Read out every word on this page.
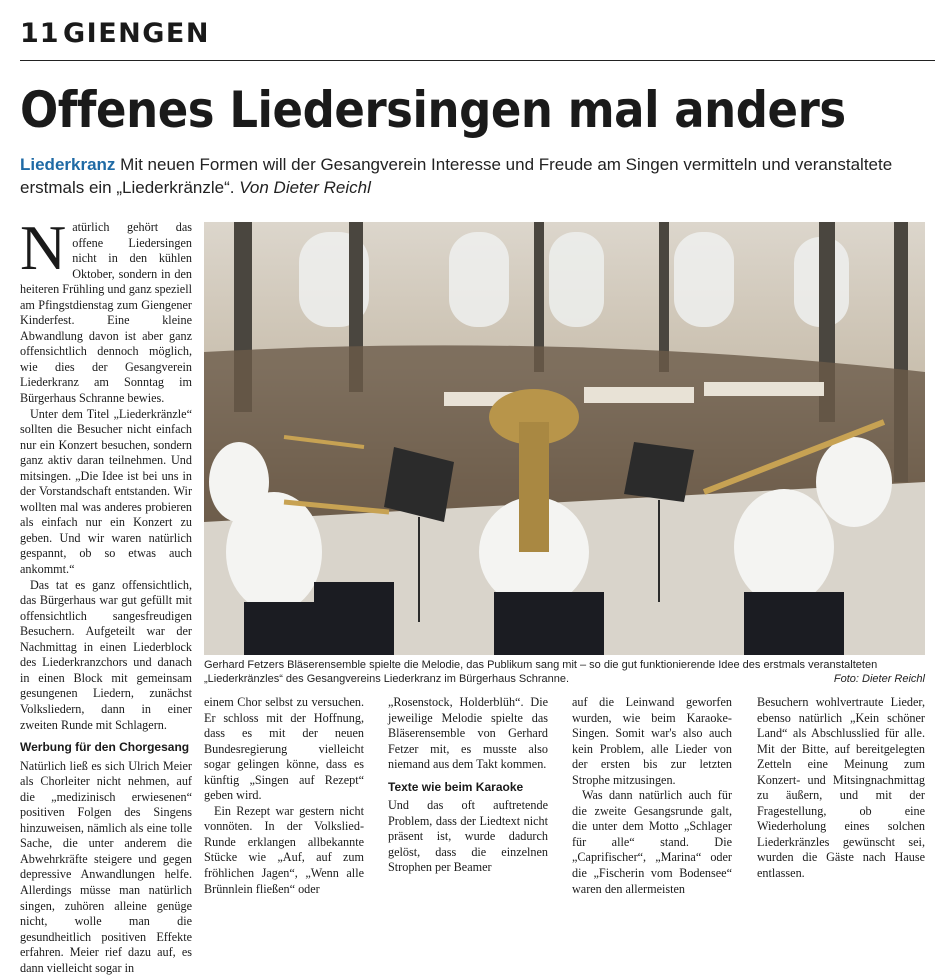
11 GIENGEN
Offenes Liedersingen mal anders
Liederkranz Mit neuen Formen will der Gesangverein Interesse und Freude am Singen vermitteln und veranstaltete erstmals ein „Liederkränzle“. Von Dieter Reichl

Natürlich gehört das offene Liedersingen nicht in den kühlen Oktober, sondern in den heiteren Frühling und ganz speziell am Pfingstdienstag zum Giengener Kinderfest. Eine kleine Abwandlung davon ist aber ganz offensichtlich dennoch möglich, wie dies der Gesangverein Liederkranz am Sonntag im Bürgerhaus Schranne bewies.

Unter dem Titel „Liederkränzle“ sollten die Besucher nicht einfach nur ein Konzert besuchen, sondern ganz aktiv daran teilnehmen. Und mitsingen. „Die Idee ist bei uns in der Vorstandschaft entstanden. Wir wollten mal was anderes probieren als einfach nur ein Konzert zu geben. Und wir waren natürlich gespannt, ob so etwas auch ankommt.“

Das tat es ganz offensichtlich, das Bürgerhaus war gut gefüllt mit offensichtlich sangesfreudigen Besuchern. Aufgeteilt war der Nachmittag in einen Liederblock des Liederkranzchors und danach in einen Block mit gemeinsam gesungenen Liedern, zunächst Volksliedern, dann in einer zweiten Runde mit Schlagern.

Werbung für den Chorgesang

Natürlich ließ es sich Ulrich Meier als Chorleiter nicht nehmen, auf die „medizinisch erwiesenen“ positiven Folgen des Singens hinzuweisen, nämlich als eine tolle Sache, die unter anderem die Abwehrkräfte steigere und gegen depressive Anwandlungen helfe. Allerdings müsse man natürlich singen, zuhören alleine genüge nicht, wolle man die gesundheitlich positiven Effekte erfahren. Meier rief dazu auf, es dann vielleicht sogar in

Gerhard Fetzers Bläserensemble spielte die Melodie, das Publikum sang mit – so die gut funktionierende Idee des erstmals veranstalteten „Liederkränzles“ des Gesangvereins Liederkranz im Bürgerhaus Schranne.	Foto: Dieter Reichl

einem Chor selbst zu versuchen. Er schloss mit der Hoffnung, dass es mit der neuen Bundesregierung vielleicht sogar gelingen könne, dass es künftig „Singen auf Rezept“ geben wird.

Ein Rezept war gestern nicht vonnöten. In der Volkslied-Runde erklangen allbekannte Stücke wie „Auf, auf zum fröhlichen Jagen“, „Wenn alle Brünnlein fließen“ oder

„Rosenstock, Holderblüh“. Die jeweilige Melodie spielte das Bläserensemble von Gerhard Fetzer mit, es musste also niemand aus dem Takt kommen.

Texte wie beim Karaoke

Und das oft auftretende Problem, dass der Liedtext nicht präsent ist, wurde dadurch gelöst, dass die einzelnen Strophen per Beamer

auf die Leinwand geworfen wurden, wie beim Karaoke-Singen. Somit war's also auch kein Problem, alle Lieder von der ersten bis zur letzten Strophe mitzusingen.

Was dann natürlich auch für die zweite Gesangsrunde galt, die unter dem Motto „Schlager für alle“ stand. Die „Caprifischer“, „Marina“ oder die „Fischerin vom Bodensee“ waren den allermeisten

Besuchern wohlvertraute Lieder, ebenso natürlich „Kein schöner Land“ als Abschlusslied für alle. Mit der Bitte, auf bereitgelegten Zetteln eine Meinung zum Konzert- und Mitsingnachmittag zu äußern, und mit der Fragestellung, ob eine Wiederholung eines solchen Liederkränzles gewünscht sei, wurden die Gäste nach Hause entlassen.
